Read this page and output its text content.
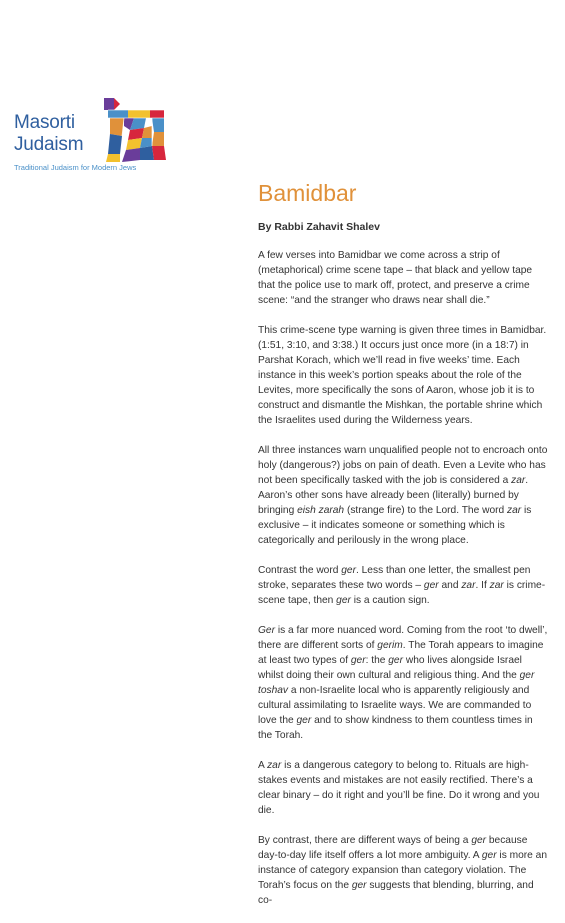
Masorti
Judaism
Traditional Judaism for Modern Jews
Bamidbar
By Rabbi Zahavit Shalev

A few verses into Bamidbar we come across a strip of (metaphorical) crime scene tape – that black and yellow tape that the police use to mark off, protect, and preserve a crime scene: “and the stranger who draws near shall die.”

This crime-scene type warning is given three times in Bamidbar. (1:51, 3:10, and 3:38.) It occurs just once more (in a 18:7) in Parshat Korach, which we’ll read in five weeks’ time. Each instance in this week’s portion speaks about the role of the Levites, more specifically the sons of Aaron, whose job it is to construct and dismantle the Mishkan, the portable shrine which the Israelites used during the Wilderness years.

All three instances warn unqualified people not to encroach onto holy (dangerous?) jobs on pain of death. Even a Levite who has not been specifically tasked with the job is considered a zar. Aaron’s other sons have already been (literally) burned by bringing eish zarah (strange fire) to the Lord. The word zar is exclusive – it indicates someone or something which is categorically and perilously in the wrong place.

Contrast the word ger. Less than one letter, the smallest pen stroke, separates these two words – ger and zar. If zar is crime-scene tape, then ger is a caution sign.

Ger is a far more nuanced word. Coming from the root ‘to dwell’, there are different sorts of gerim. The Torah appears to imagine at least two types of ger: the ger who lives alongside Israel whilst doing their own cultural and religious thing. And the ger toshav a non-Israelite local who is apparently religiously and cultural assimilating to Israelite ways. We are commanded to love the ger and to show kindness to them countless times in the Torah.

A zar is a dangerous category to belong to. Rituals are high-stakes events and mistakes are not easily rectified. There’s a clear binary – do it right and you’ll be fine. Do it wrong and you die.

By contrast, there are different ways of being a ger because day-to-day life itself offers a lot more ambiguity. A ger is more an instance of category expansion than category violation. The Torah’s focus on the ger suggests that blending, blurring, and co-
